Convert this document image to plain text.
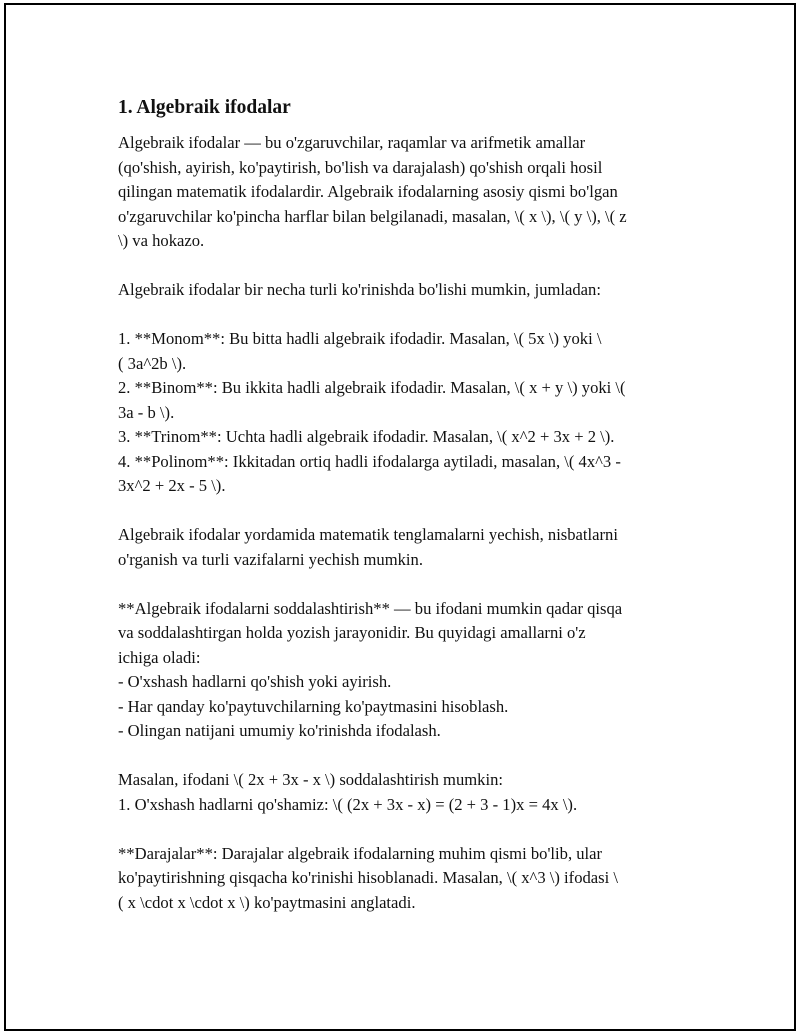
1. Algebraik ifodalar

Algebraik ifodalar — bu o'zgaruvchilar, raqamlar va arifmetik amallar
(qo'shish, ayirish, ko'paytirish, bo'lish va darajalash) qo'shish orqali hosil
qilingan matematik ifodalardir. Algebraik ifodalarning asosiy qismi bo'lgan
o'zgaruvchilar ko'pincha harflar bilan belgilanadi, masalan, \( x \), \( y \), \( z
\) va hokazo.

Algebraik ifodalar bir necha turli ko'rinishda bo'lishi mumkin, jumladan:

1. **Monom**: Bu bitta hadli algebraik ifodadir. Masalan, \( 5x \) yoki \
( 3a^2b \).
2. **Binom**: Bu ikkita hadli algebraik ifodadir. Masalan, \( x + y \) yoki \(
3a - b \).
3. **Trinom**: Uchta hadli algebraik ifodadir. Masalan, \( x^2 + 3x + 2 \).
4. **Polinom**: Ikkitadan ortiq hadli ifodalarga aytiladi, masalan, \( 4x^3 -
3x^2 + 2x - 5 \).

Algebraik ifodalar yordamida matematik tenglamalarni yechish, nisbatlarni
o'rganish va turli vazifalarni yechish mumkin.

**Algebraik ifodalarni soddalashtirish** — bu ifodani mumkin qadar qisqa
va soddalashtirgan holda yozish jarayonidir. Bu quyidagi amallarni o'z
ichiga oladi:
- O'xshash hadlarni qo'shish yoki ayirish.
- Har qanday ko'paytuvchilarning ko'paytmasini hisoblash.
- Olingan natijani umumiy ko'rinishda ifodalash.

Masalan, ifodani \( 2x + 3x - x \) soddalashtirish mumkin:
1. O'xshash hadlarni qo'shamiz: \( (2x + 3x - x) = (2 + 3 - 1)x = 4x \).

**Darajalar**: Darajalar algebraik ifodalarning muhim qismi bo'lib, ular
ko'paytirishning qisqacha ko'rinishi hisoblanadi. Masalan, \( x^3 \) ifodasi \
( x \cdot x \cdot x \) ko'paytmasini anglatadi.
